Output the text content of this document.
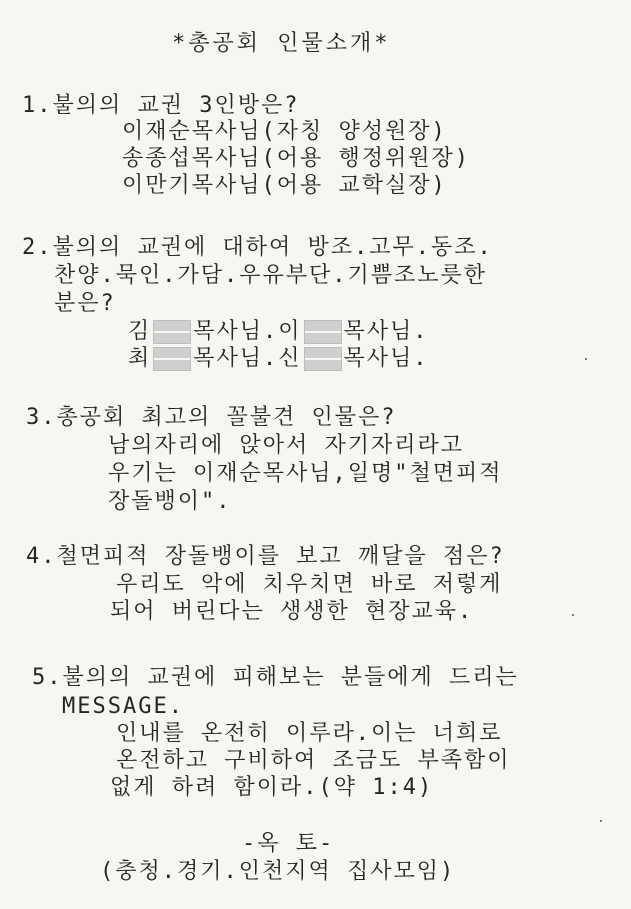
*총공회 인물소개*
1.불의의 교권 3인방은?
이재순목사님(자칭 양성원장)
송종섭목사님(어용 행정위원장)
이만기목사님(어용 교학실장)
2.불의의 교권에 대하여 방조.고무.동조.
찬양.묵인.가담.우유부단.기쁨조노릇한
분은?
김 목사님.이 목사님.
최 목사님.신 목사님.
3.총공회 최고의 꼴불견 인물은?
남의자리에 앉아서 자기자리라고
우기는 이재순목사님,일명"철면피적
장돌뱅이".
4.철면피적 장돌뱅이를 보고 깨달을 점은?
우리도 악에 치우치면 바로 저렇게
되어 버린다는 생생한 현장교육.
5.불의의 교권에 피해보는 분들에게 드리는
MESSAGE.
인내를 온전히 이루라.이는 너희로
온전하고 구비하여 조금도 부족함이
없게 하려 함이라.(약 1:4)
-옥 토-
(충청.경기.인천지역 집사모임)
